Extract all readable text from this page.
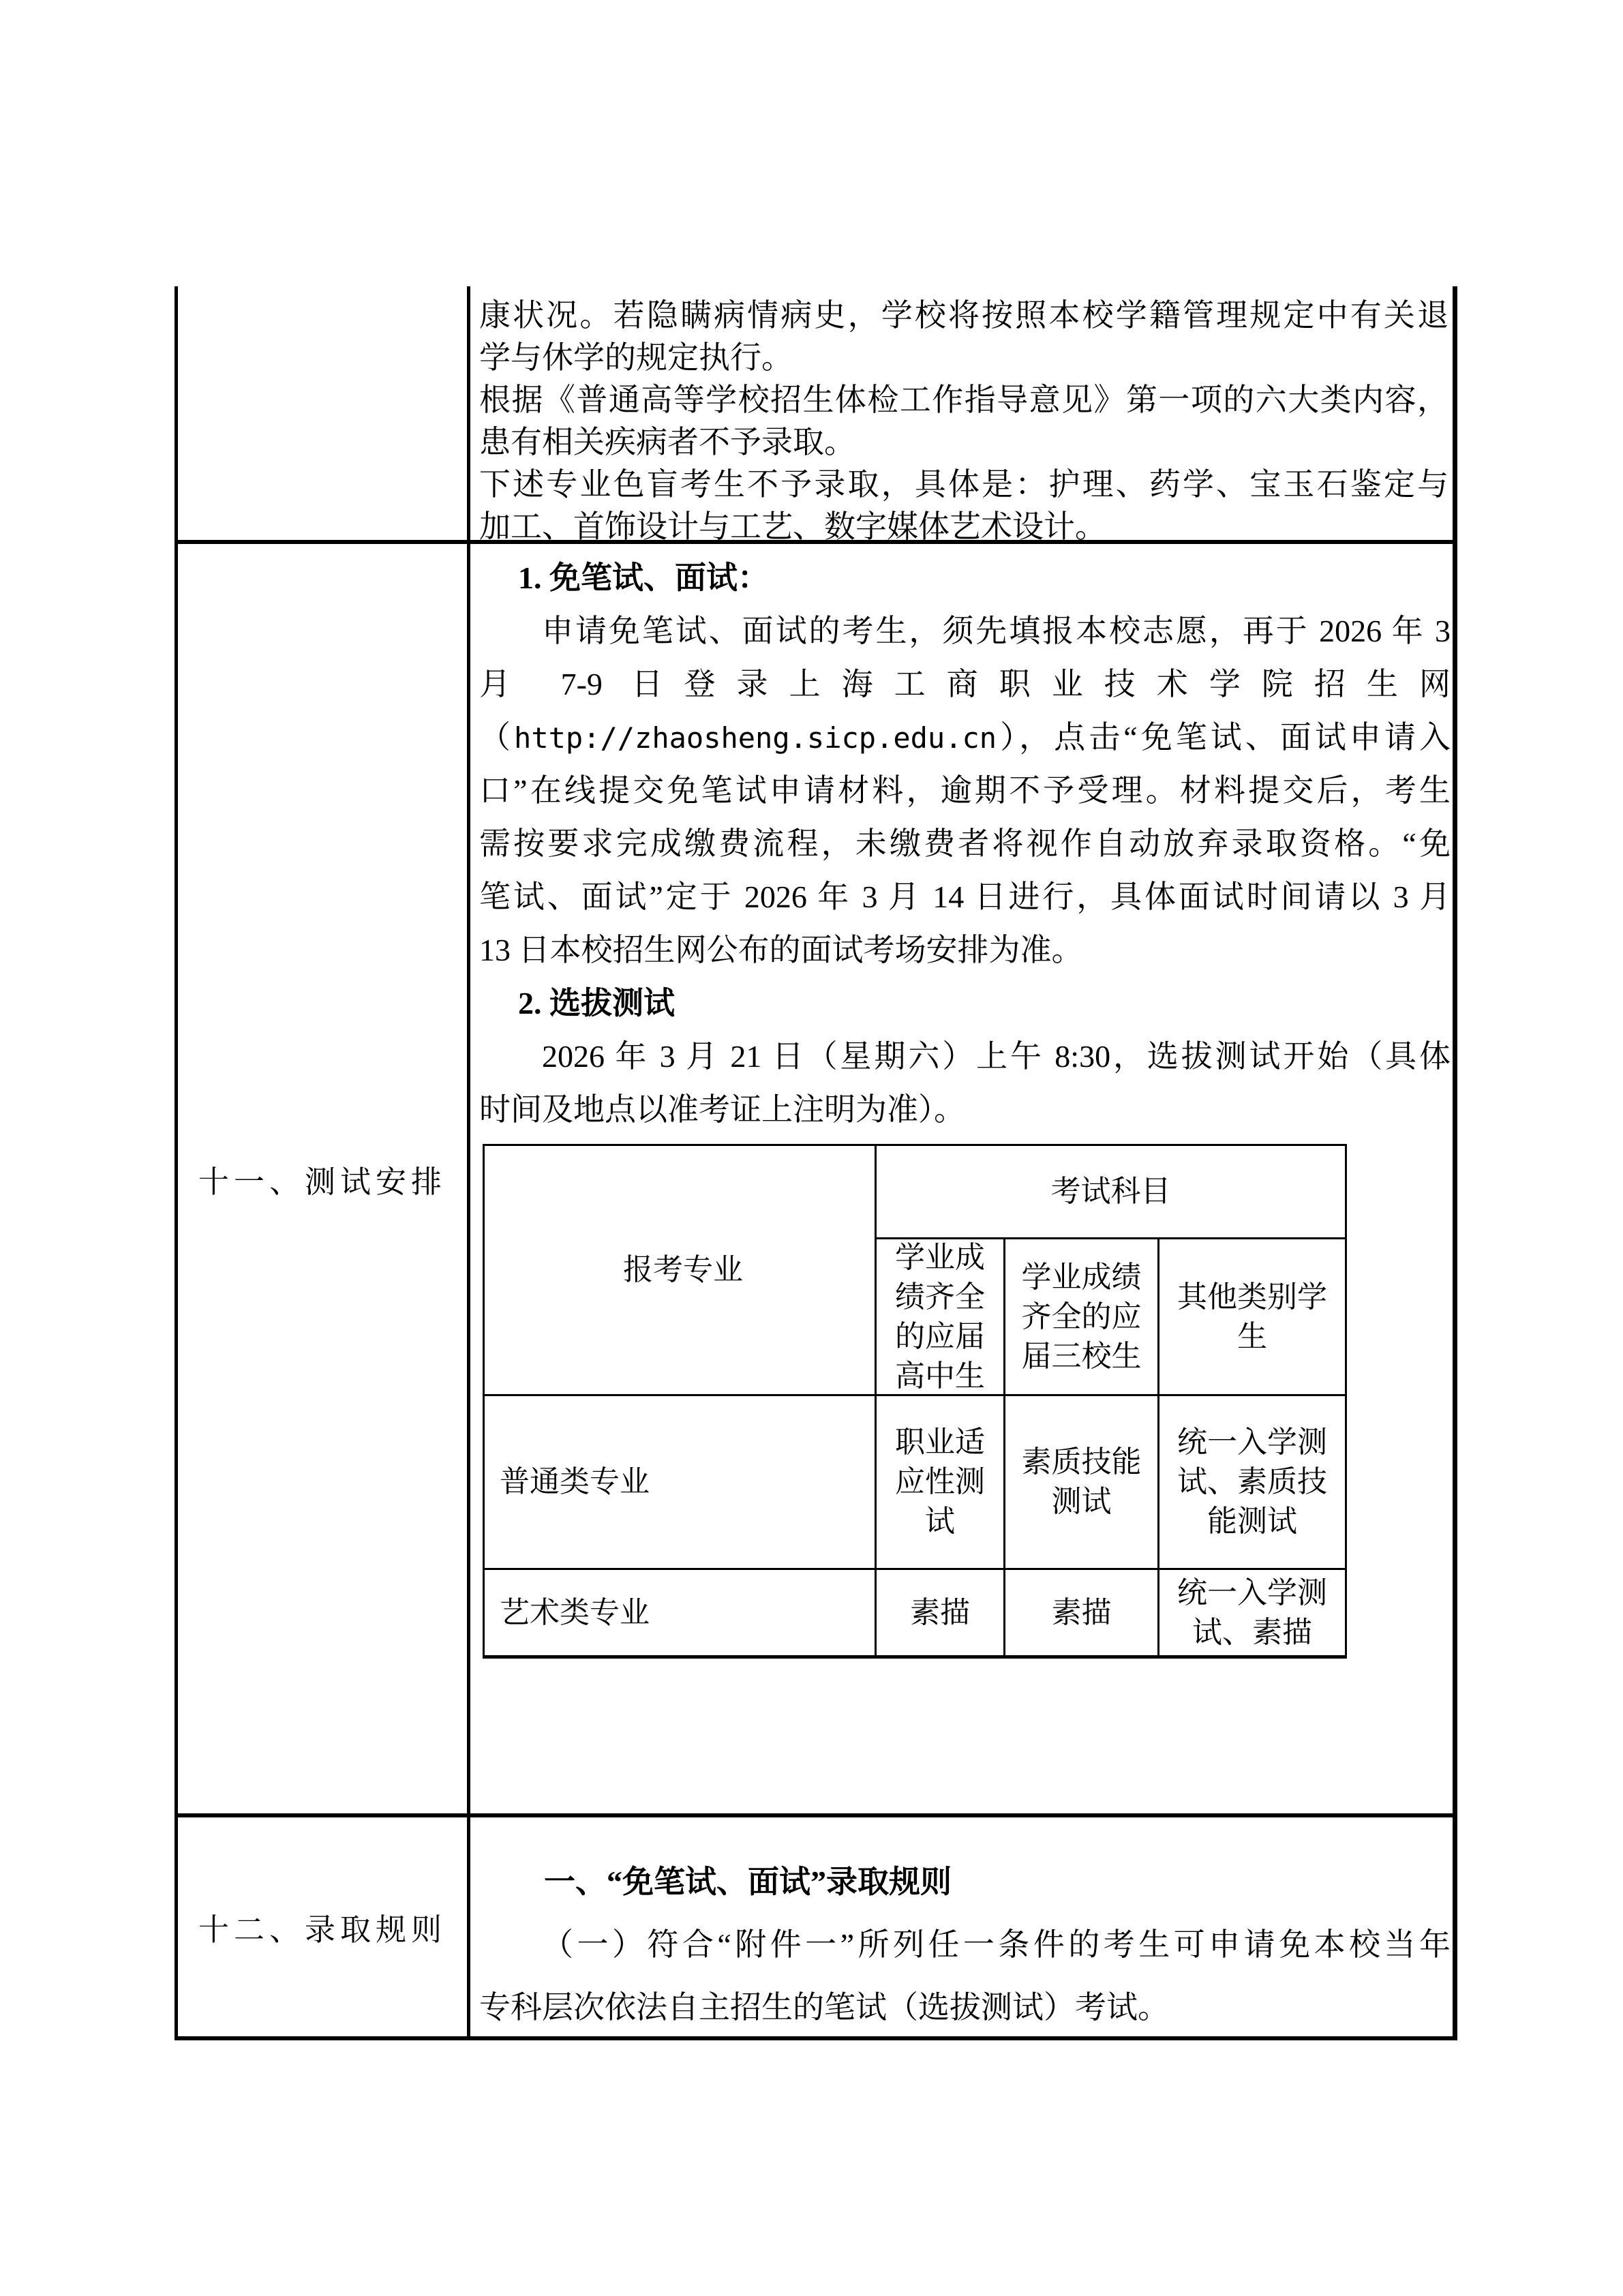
康状况。若隐瞒病情病史，学校将按照本校学籍管理规定中有关退
学与休学的规定执行。
根据《普通高等学校招生体检工作指导意见》第一项的六大类内容，
患有相关疾病者不予录取。
下述专业色盲考生不予录取，具体是：护理、药学、宝玉石鉴定与
加工、首饰设计与工艺、数字媒体艺术设计。
十一、测试安排
1. 免笔试、面试：
申请免笔试、面试的考生，须先填报本校志愿，再于 2026 年 3
月 7-9 日登录上海工商职业技术学院招生网
（http://zhaosheng.sicp.edu.cn），点击“免笔试、面试申请入
口”在线提交免笔试申请材料，逾期不予受理。材料提交后，考生
需按要求完成缴费流程，未缴费者将视作自动放弃录取资格。“免
笔试、面试”定于 2026 年 3 月 14 日进行，具体面试时间请以 3 月
13 日本校招生网公布的面试考场安排为准。
2. 选拔测试
2026 年 3 月 21 日（星期六）上午 8:30，选拔测试开始（具体
时间及地点以准考证上注明为准）。
报考专业
考试科目
学业成绩齐全的应届高中生
学业成绩齐全的应届三校生
其他类别学生
普通类专业
职业适应性测试
素质技能测试
统一入学测试、素质技能测试
艺术类专业	素描	素描
统一入学测试、素描
十二、录取规则
一、“免笔试、面试”录取规则
（一）符合“附件一”所列任一条件的考生可申请免本校当年
专科层次依法自主招生的笔试（选拔测试）考试。
